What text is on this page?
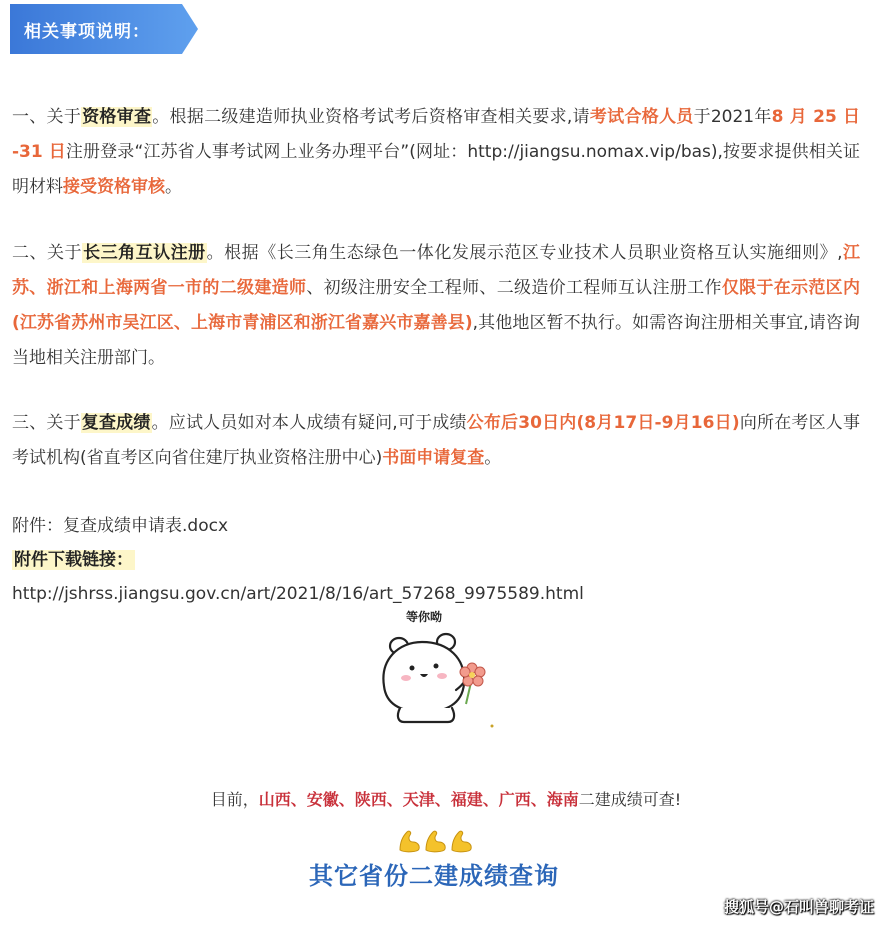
相关事项说明：
一、关于资格审查。根据二级建造师执业资格考试考后资格审查相关要求,请考试合格人员于2021年8 月 25 日 -31 日注册登录“江苏省人事考试网上业务办理平台”(网址：http://jiangsu.nomax.vip/bas),按要求提供相关证明材料接受资格审核。
二、关于长三角互认注册。根据《长三角生态绿色一体化发展示范区专业技术人员职业资格互认实施细则》,江苏、浙江和上海两省一市的二级建造师、初级注册安全工程师、二级造价工程师互认注册工作仅限于在示范区内(江苏省苏州市吴江区、上海市青浦区和浙江省嘉兴市嘉善县),其他地区暂不执行。如需咨询注册相关事宜,请咨询当地相关注册部门。
三、关于复查成绩。应试人员如对本人成绩有疑问,可于成绩公布后30日内(8月17日-9月16日)向所在考区人事考试机构(省直考区向省住建厅执业资格注册中心)书面申请复查。
附件：复查成绩申请表.docx
附件下载链接：
http://jshrss.jiangsu.gov.cn/art/2021/8/16/art_57268_9975589.html
等你呦
目前，山西、安徽、陕西、天津、福建、广西、海南二建成绩可查!
其它省份二建成绩查询
搜狐号@石叫兽聊考证
